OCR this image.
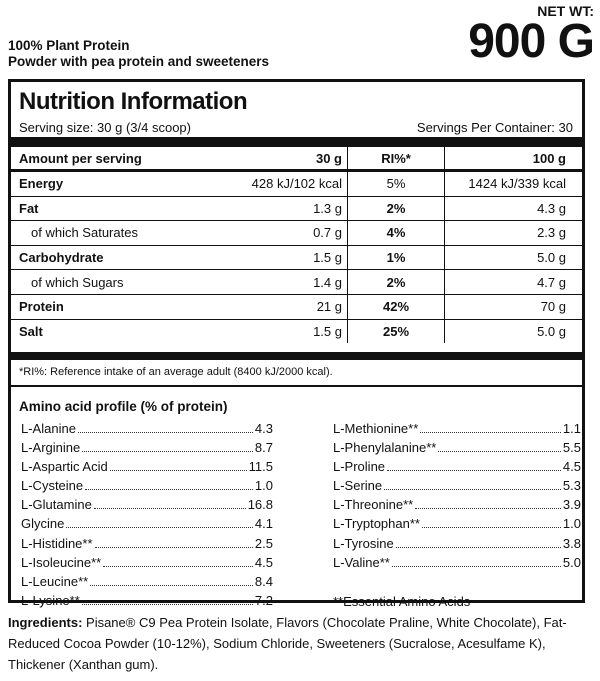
NET WT:
900 G
100% Plant Protein
Powder with pea protein and sweeteners
Nutrition Information
Serving size: 30 g (3/4 scoop)	Servings Per Container: 30
Amount per serving	30 g	RI%*	100 g
Energy	428 kJ/102 kcal	5%	1424 kJ/339 kcal
Fat	1.3 g	2%	4.3 g
of which Saturates	0.7 g	4%	2.3 g
Carbohydrate	1.5 g	1%	5.0 g
of which Sugars	1.4 g	2%	4.7 g
Protein	21 g	42%	70 g
Salt	1.5 g	25%	5.0 g
*RI%: Reference intake of an average adult (8400 kJ/2000 kcal).
Amino acid profile (% of protein)
L-Alanine	4.3
L-Arginine	8.7
L-Aspartic Acid	11.5
L-Cysteine	1.0
L-Glutamine	16.8
Glycine	4.1
L-Histidine**	2.5
L-Isoleucine**	4.5
L-Leucine**	8.4
L-Lysine**	7.2
L-Methionine**	1.1
L-Phenylalanine**	5.5
L-Proline	4.5
L-Serine	5.3
L-Threonine**	3.9
L-Tryptophan**	1.0
L-Tyrosine	3.8
L-Valine**	5.0
**Essential Amino Acids
Ingredients: Pisane® C9 Pea Protein Isolate, Flavors (Chocolate Praline, White Chocolate), Fat-Reduced Cocoa Powder (10-12%), Sodium Chloride, Sweeteners (Sucralose, Acesulfame K), Thickener (Xanthan gum).
